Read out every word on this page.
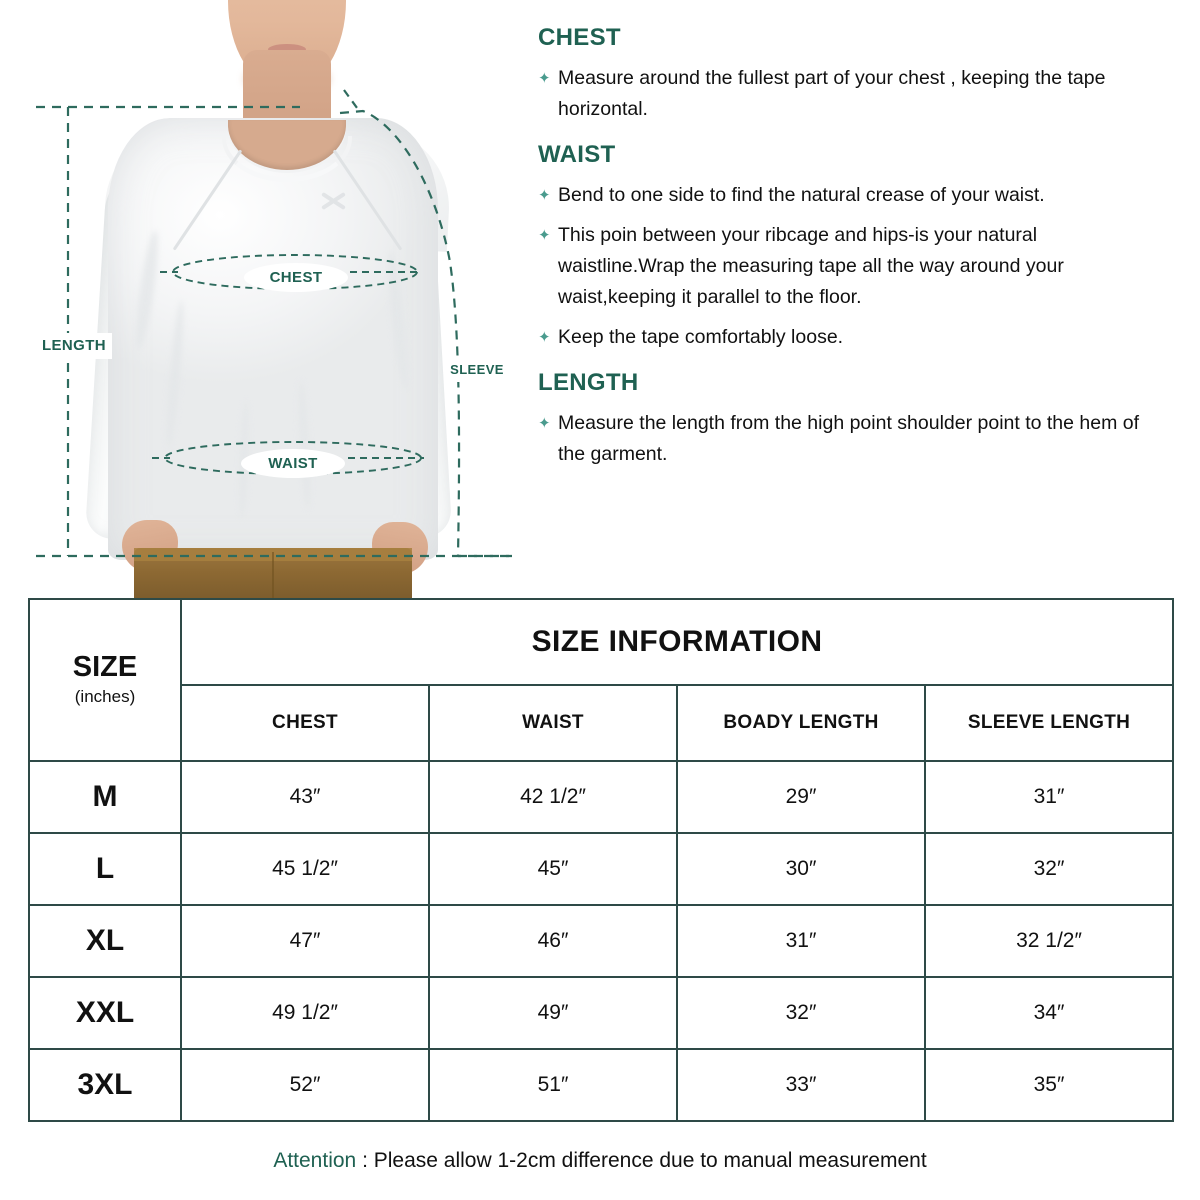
CHEST
WAIST
LENGTH
SLEEVE
CHEST
✦ Measure around the fullest part of your chest , keeping the tape horizontal.
WAIST
✦ Bend to one side to find the natural crease of your waist.
✦ This poin between your ribcage and hips-is your natural waistline.Wrap the measuring tape all the way around your waist,keeping it parallel to the floor.
✦ Keep the tape comfortably loose.
LENGTH
✦ Measure the length from the high point shoulder point to the hem of the garment.
SIZE
(inches)	SIZE INFORMATION			
	CHEST	WAIST	BOADY LENGTH	SLEEVE LENGTH
M	43″	42 1/2″	29″	31″
L	45 1/2″	45″	30″	32″
XL	47″	46″	31″	32 1/2″
XXL	49 1/2″	49″	32″	34″
3XL	52″	51″	33″	35″
Attention : Please allow 1-2cm difference due to manual measurement
